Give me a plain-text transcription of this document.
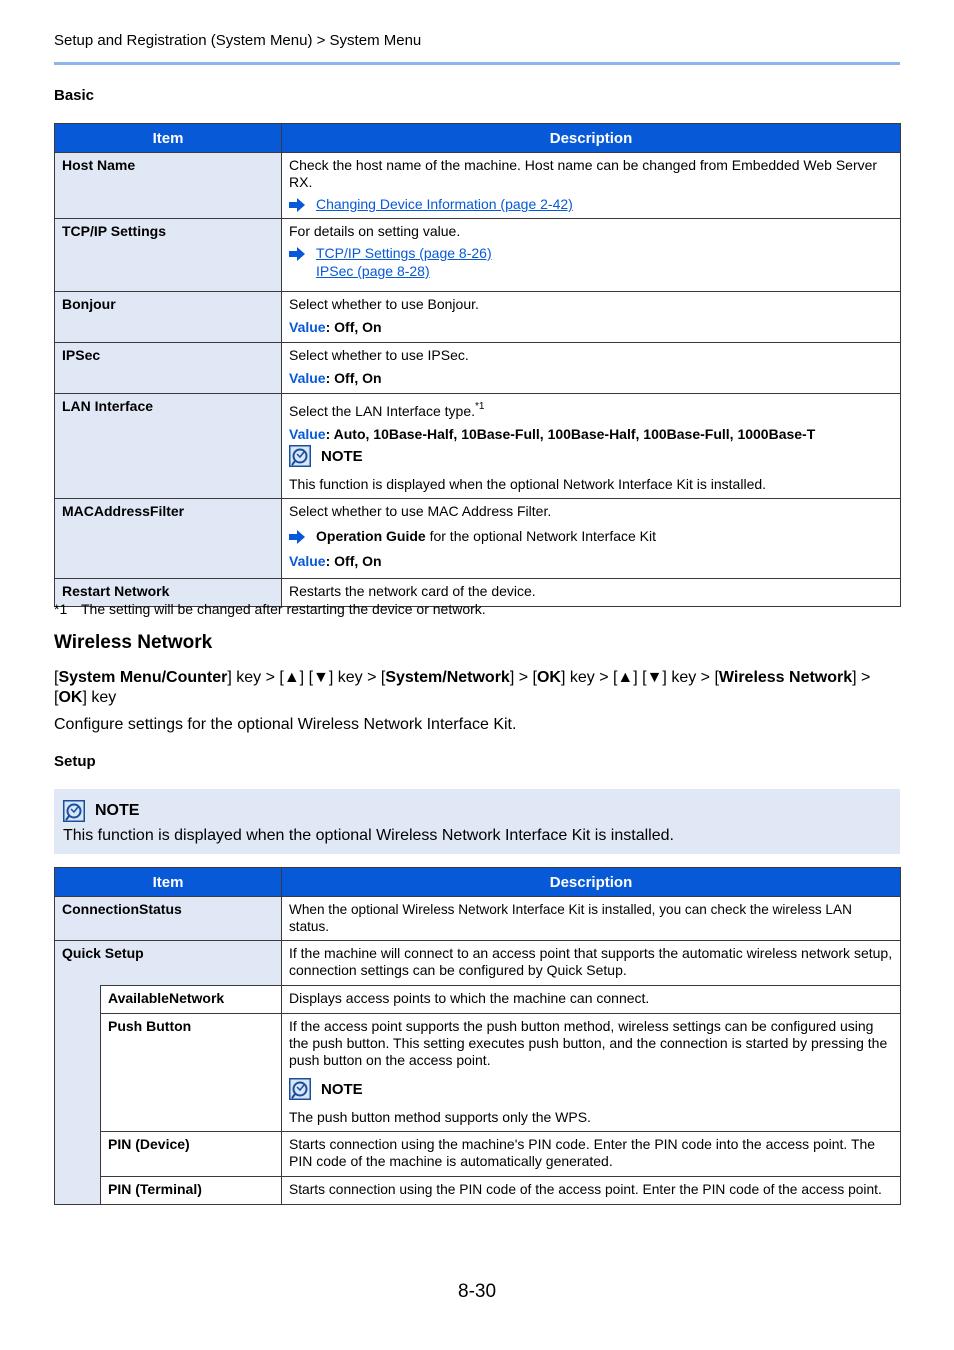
Setup and Registration (System Menu) > System Menu
Basic
Item	Description
Host Name	Check the host name of the machine. Host name can be changed from Embedded Web Server RX.
Changing Device Information (page 2-42)

TCP/IP Settings	For details on setting value.
TCP/IP Settings (page 8-26)
IPSec (page 8-28)

Bonjour	Select whether to use Bonjour.
Value: Off, On

IPSec	Select whether to use IPSec.
Value: Off, On

LAN Interface	Select the LAN Interface type.$^{*1}$
Value: Auto, 10Base-Half, 10Base-Full, 100Base-Half, 100Base-Full, 1000Base-T
NOTE
This function is displayed when the optional Network Interface Kit is installed.

MACAddressFilter	Select whether to use MAC Address Filter.
Operation Guide for the optional Network Interface Kit
Value: Off, On

Restart Network	Restarts the network card of the device.
*1 The setting will be changed after restarting the device or network.
Wireless Network
[System Menu/Counter] key > [▲] [▼] key > [System/Network] > [OK] key > [▲] [▼] key > [Wireless Network] > [OK] key
Configure settings for the optional Wireless Network Interface Kit.
Setup
NOTE
This function is displayed when the optional Wireless Network Interface Kit is installed.
Item		Description
ConnectionStatus		When the optional Wireless Network Interface Kit is installed, you can check the wireless LAN status.
Quick Setup		If the machine will connect to an access point that supports the automatic wireless network setup, connection settings can be configured by Quick Setup.
	AvailableNetwork	Displays access points to which the machine can connect.
	Push Button	If the access point supports the push button method, wireless settings can be configured using the push button. This setting executes push button, and the connection is started by pressing the push button on the access point.
NOTE
The push button method supports only the WPS.

	PIN (Device)	Starts connection using the machine's PIN code. Enter the PIN code into the access point. The PIN code of the machine is automatically generated.
	PIN (Terminal)	Starts connection using the PIN code of the access point. Enter the PIN code of the access point.
8-30
